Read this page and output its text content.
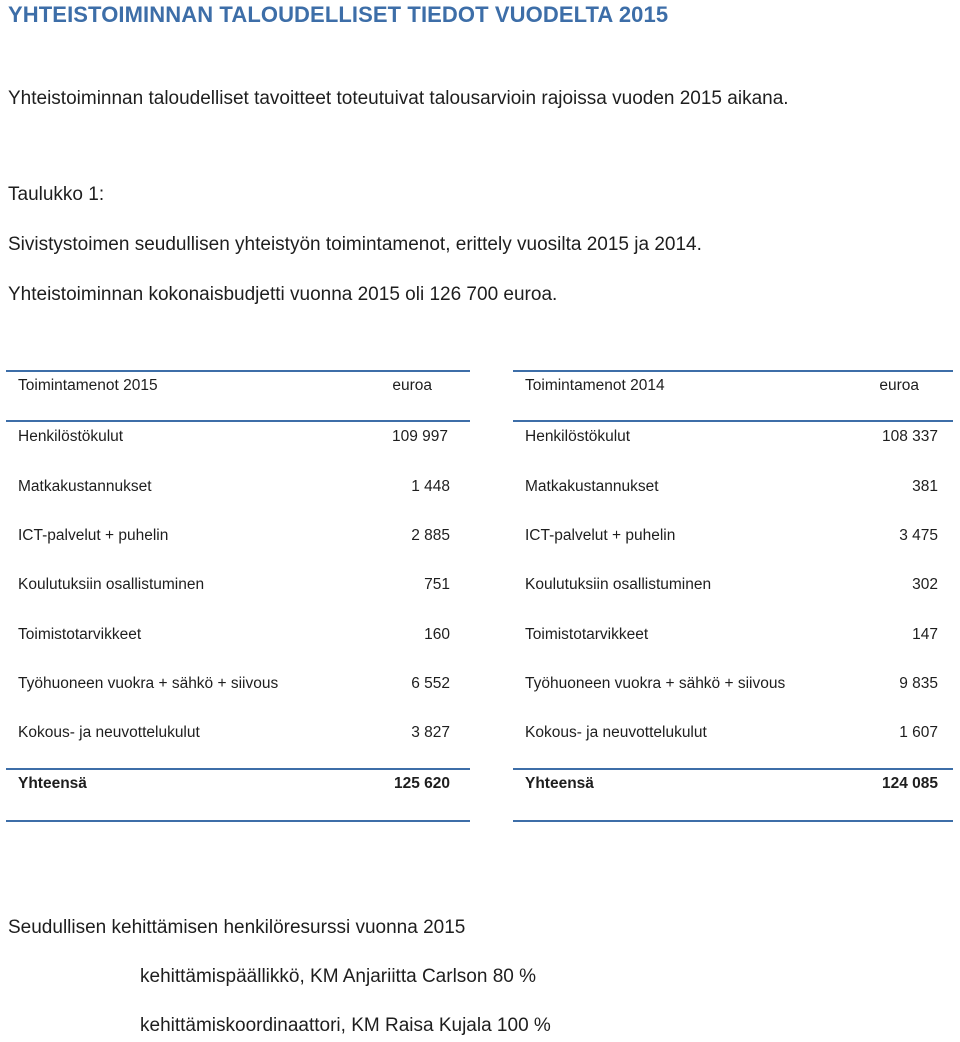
YHTEISTOIMINNAN TALOUDELLISET TIEDOT VUODELTA 2015
Yhteistoiminnan taloudelliset tavoitteet toteutuivat talousarvioin rajoissa vuoden 2015 aikana.
Taulukko 1:
Sivistystoimen seudullisen yhteistyön toimintamenot, erittely vuosilta 2015 ja 2014.
Yhteistoiminnan kokonaisbudjetti vuonna 2015 oli 126 700 euroa.
Toimintamenot 2015	euroa
Henkilöstökulut	109 997
Matkakustannukset	1 448
ICT-palvelut + puhelin	2 885
Koulutuksiin osallistuminen	751
Toimistotarvikkeet	160
Työhuoneen vuokra + sähkö + siivous	6 552
Kokous- ja neuvottelukulut	3 827
Yhteensä	125 620
Toimintamenot 2014	euroa
Henkilöstökulut	108 337
Matkakustannukset	381
ICT-palvelut + puhelin	3 475
Koulutuksiin osallistuminen	302
Toimistotarvikkeet	147
Työhuoneen vuokra + sähkö + siivous	9 835
Kokous- ja neuvottelukulut	1 607
Yhteensä	124 085
Seudullisen kehittämisen henkilöresurssi vuonna 2015
kehittämispäällikkö, KM Anjariitta Carlson 80 %
kehittämiskoordinaattori, KM Raisa Kujala 100 %
